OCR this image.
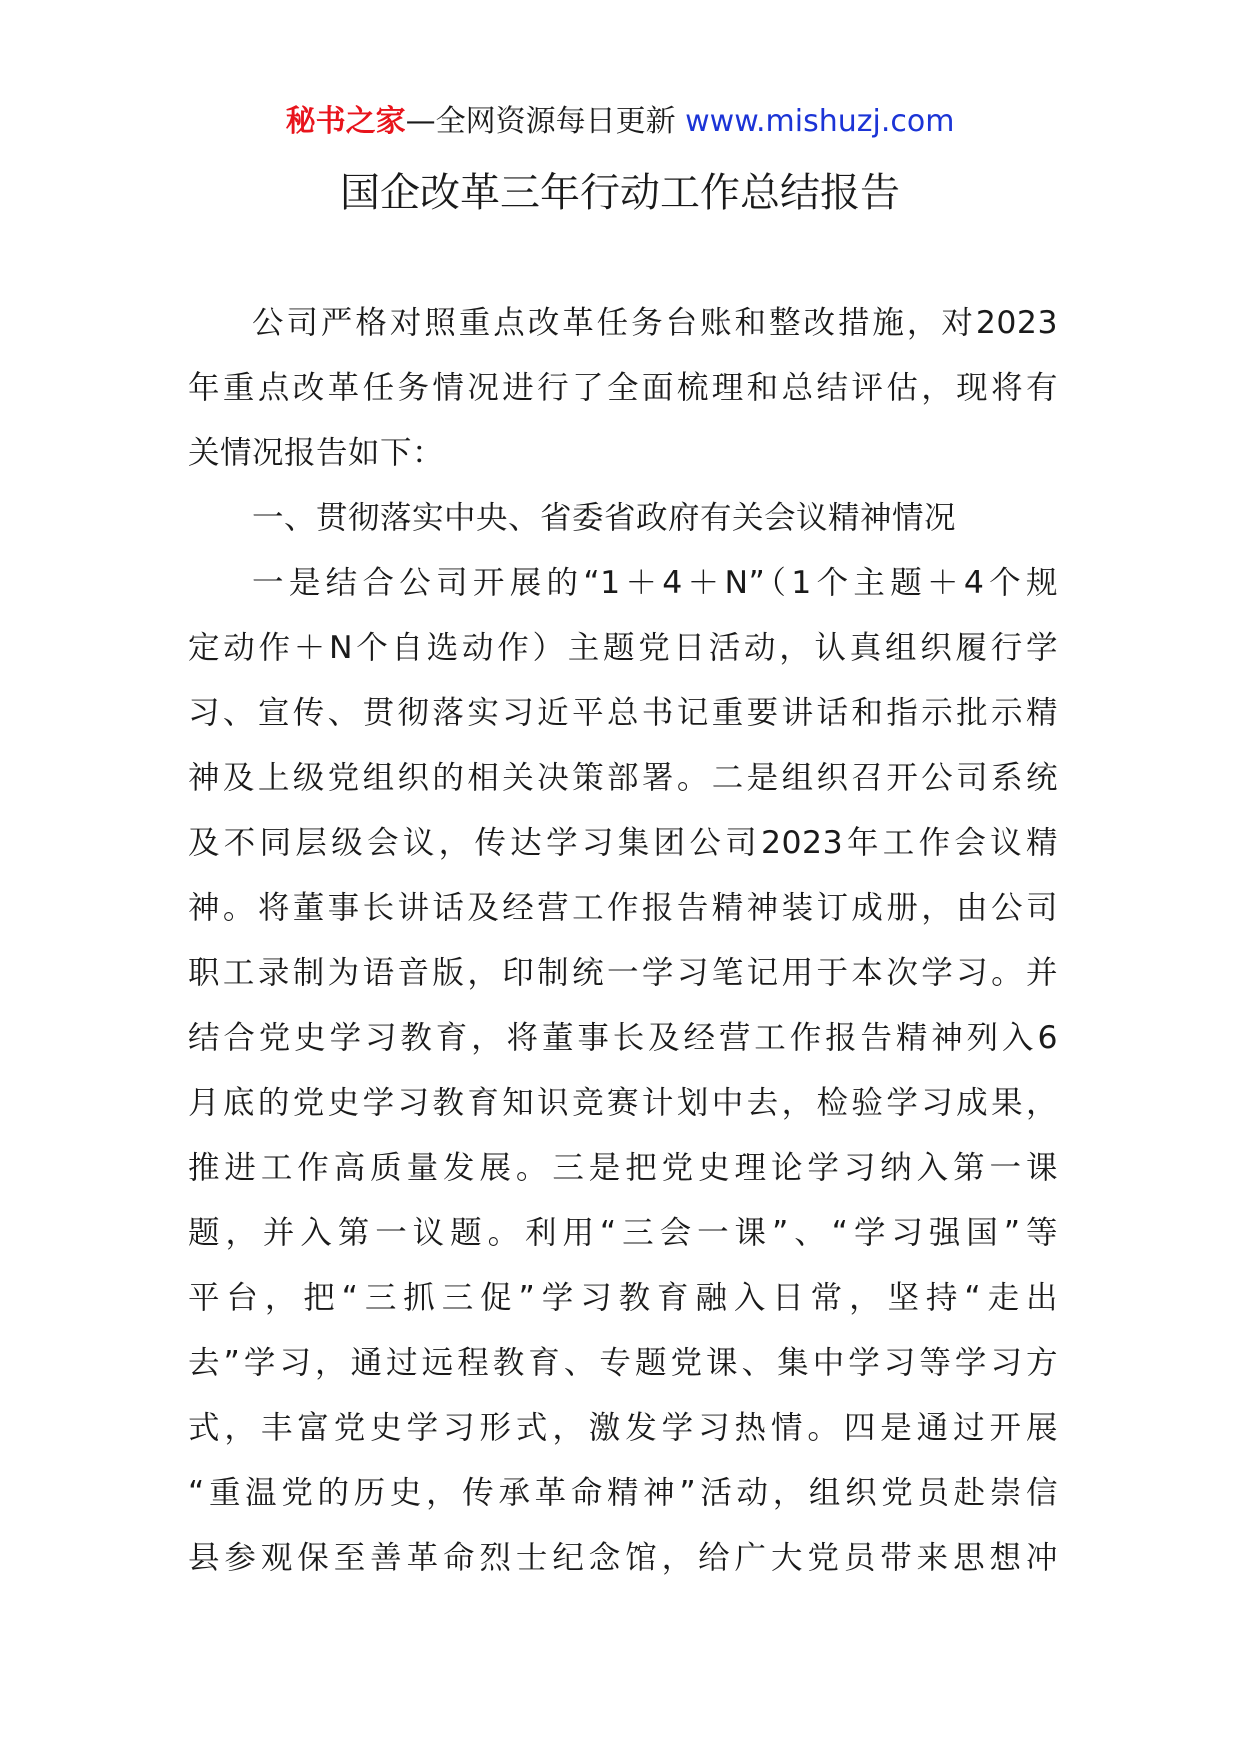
秘书之家—全网资源每日更新 www.mishuzj.com
国企改革三年行动工作总结报告
公司严格对照重点改革任务台账和整改措施，对2023
年重点改革任务情况进行了全面梳理和总结评估，现将有
关情况报告如下：
一、贯彻落实中央、省委省政府有关会议精神情况
一是结合公司开展的“1＋4＋N”（1个主题＋4个规
定动作＋N个自选动作）主题党日活动，认真组织履行学
习、宣传、贯彻落实习近平总书记重要讲话和指示批示精
神及上级党组织的相关决策部署。二是组织召开公司系统
及不同层级会议，传达学习集团公司2023年工作会议精
神。将董事长讲话及经营工作报告精神装订成册，由公司
职工录制为语音版，印制统一学习笔记用于本次学习。并
结合党史学习教育，将董事长及经营工作报告精神列入6
月底的党史学习教育知识竞赛计划中去，检验学习成果，
推进工作高质量发展。三是把党史理论学习纳入第一课
题，并入第一议题。利用“三会一课”、“学习强国”等
平台，把“三抓三促”学习教育融入日常，坚持“走出
去”学习，通过远程教育、专题党课、集中学习等学习方
式，丰富党史学习形式，激发学习热情。四是通过开展
“重温党的历史，传承革命精神”活动，组织党员赴崇信
县参观保至善革命烈士纪念馆，给广大党员带来思想冲
